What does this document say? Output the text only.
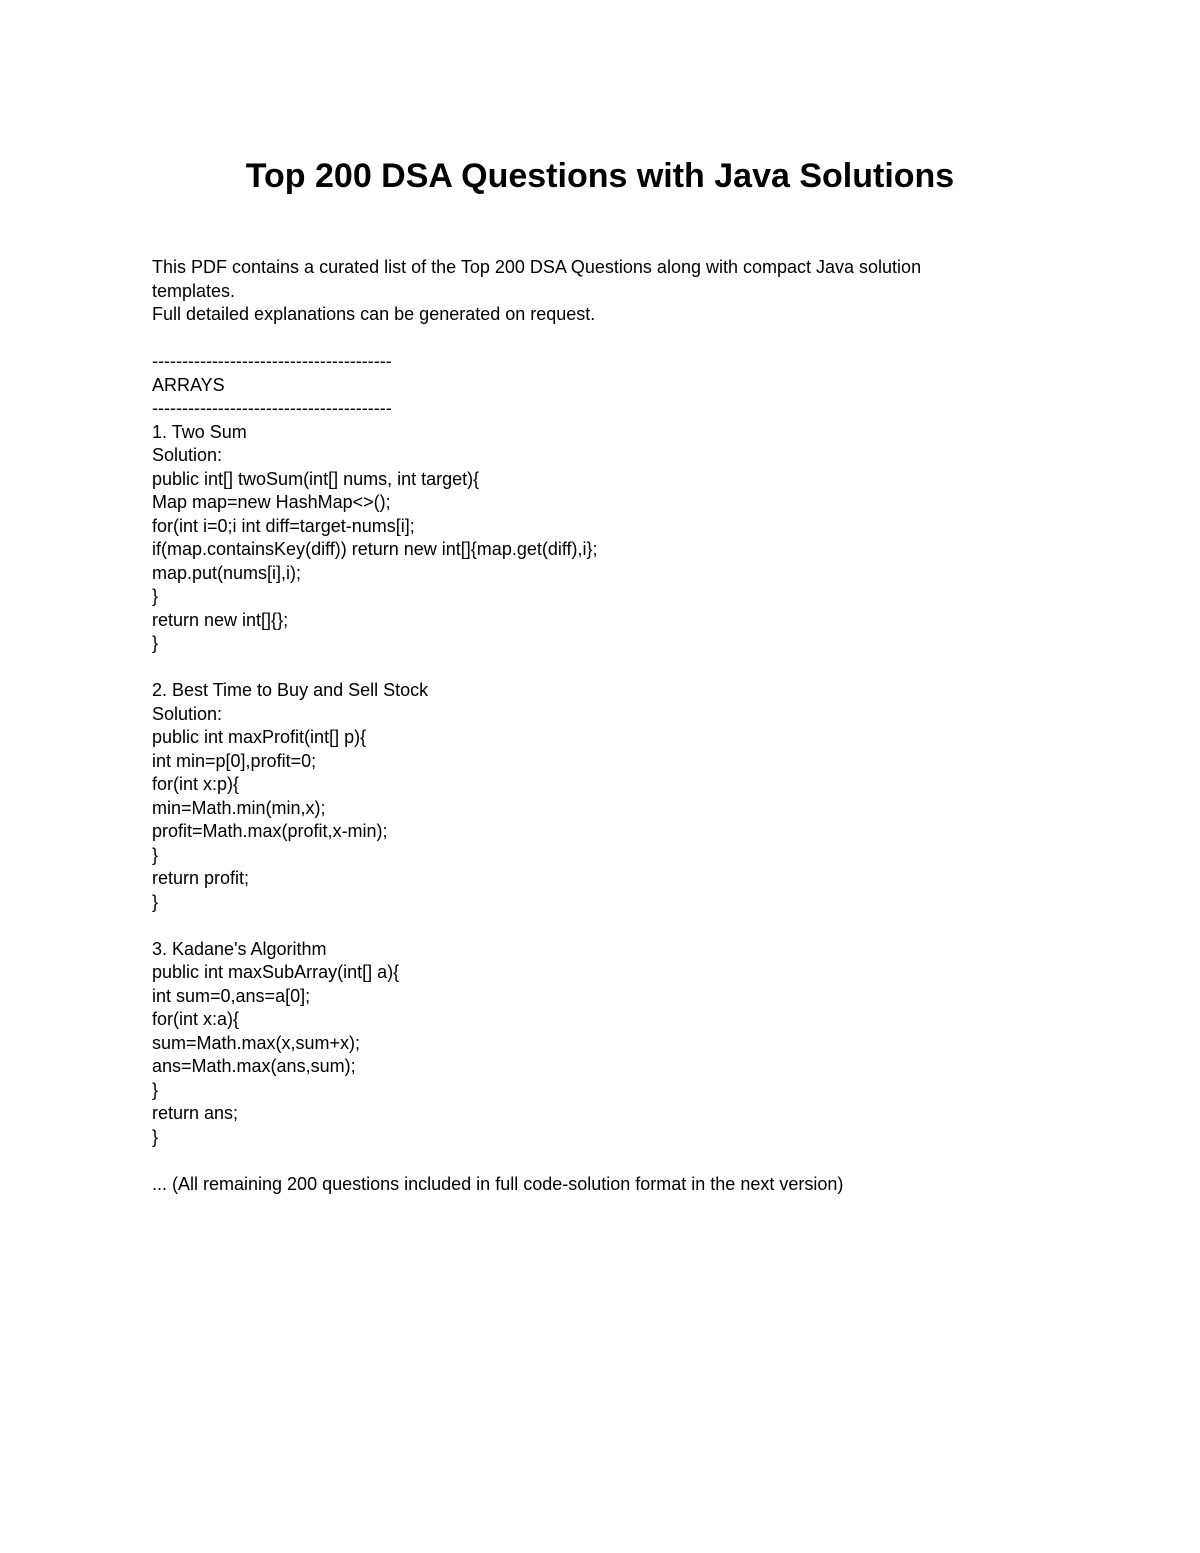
Top 200 DSA Questions with Java Solutions
This PDF contains a curated list of the Top 200 DSA Questions along with compact Java solution
templates.
Full detailed explanations can be generated on request.
----------------------------------------
ARRAYS
----------------------------------------
1. Two Sum
Solution:
public int[] twoSum(int[] nums, int target){
Map map=new HashMap<>();
for(int i=0;i int diff=target-nums[i];
if(map.containsKey(diff)) return new int[]{map.get(diff),i};
map.put(nums[i],i);
}
return new int[]{};
}
2. Best Time to Buy and Sell Stock
Solution:
public int maxProfit(int[] p){
int min=p[0],profit=0;
for(int x:p){
min=Math.min(min,x);
profit=Math.max(profit,x-min);
}
return profit;
}
3. Kadane's Algorithm
public int maxSubArray(int[] a){
int sum=0,ans=a[0];
for(int x:a){
sum=Math.max(x,sum+x);
ans=Math.max(ans,sum);
}
return ans;
}
... (All remaining 200 questions included in full code-solution format in the next version)
